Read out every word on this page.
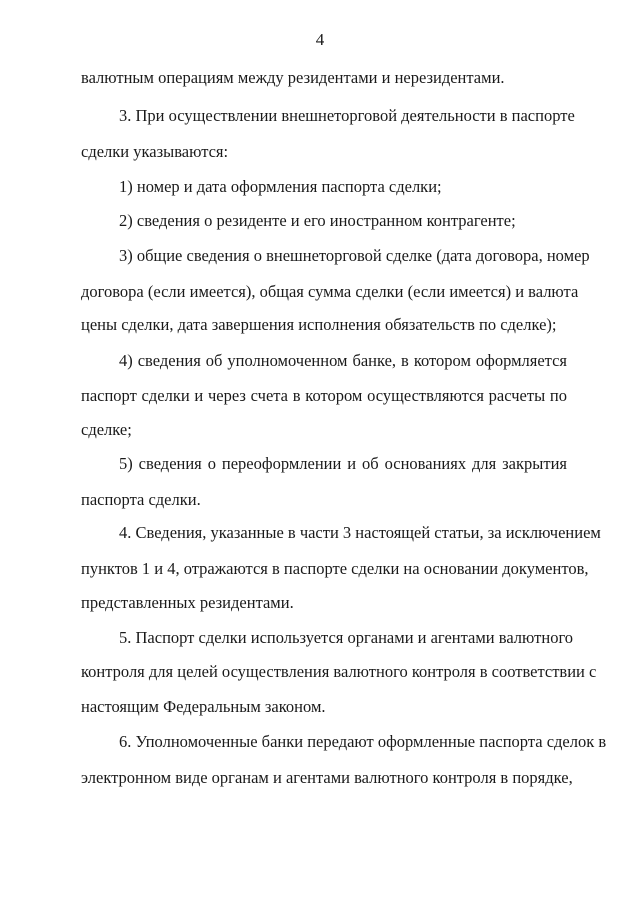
4
валютным операциям между резидентами и нерезидентами.
3. При осуществлении внешнеторговой деятельности в паспорте
сделки указываются:
1) номер и дата оформления паспорта сделки;
2) сведения о резиденте и его иностранном контрагенте;
3) общие сведения о внешнеторговой сделке (дата договора, номер
договора (если имеется), общая сумма сделки (если имеется) и валюта
цены сделки, дата завершения исполнения обязательств по сделке);
4) сведения об уполномоченном банке, в котором оформляется
паспорт сделки и через счета в котором осуществляются расчеты по
сделке;
5) сведения о переоформлении и об основаниях для закрытия
паспорта сделки.
4. Сведения, указанные в части 3 настоящей статьи, за исключением
пунктов 1 и 4, отражаются в паспорте сделки на основании документов,
представленных резидентами.
5. Паспорт сделки используется органами и агентами валютного
контроля для целей осуществления валютного контроля в соответствии с
настоящим Федеральным законом.
6. Уполномоченные банки передают оформленные паспорта сделок в
электронном виде органам и агентами валютного контроля в порядке,
